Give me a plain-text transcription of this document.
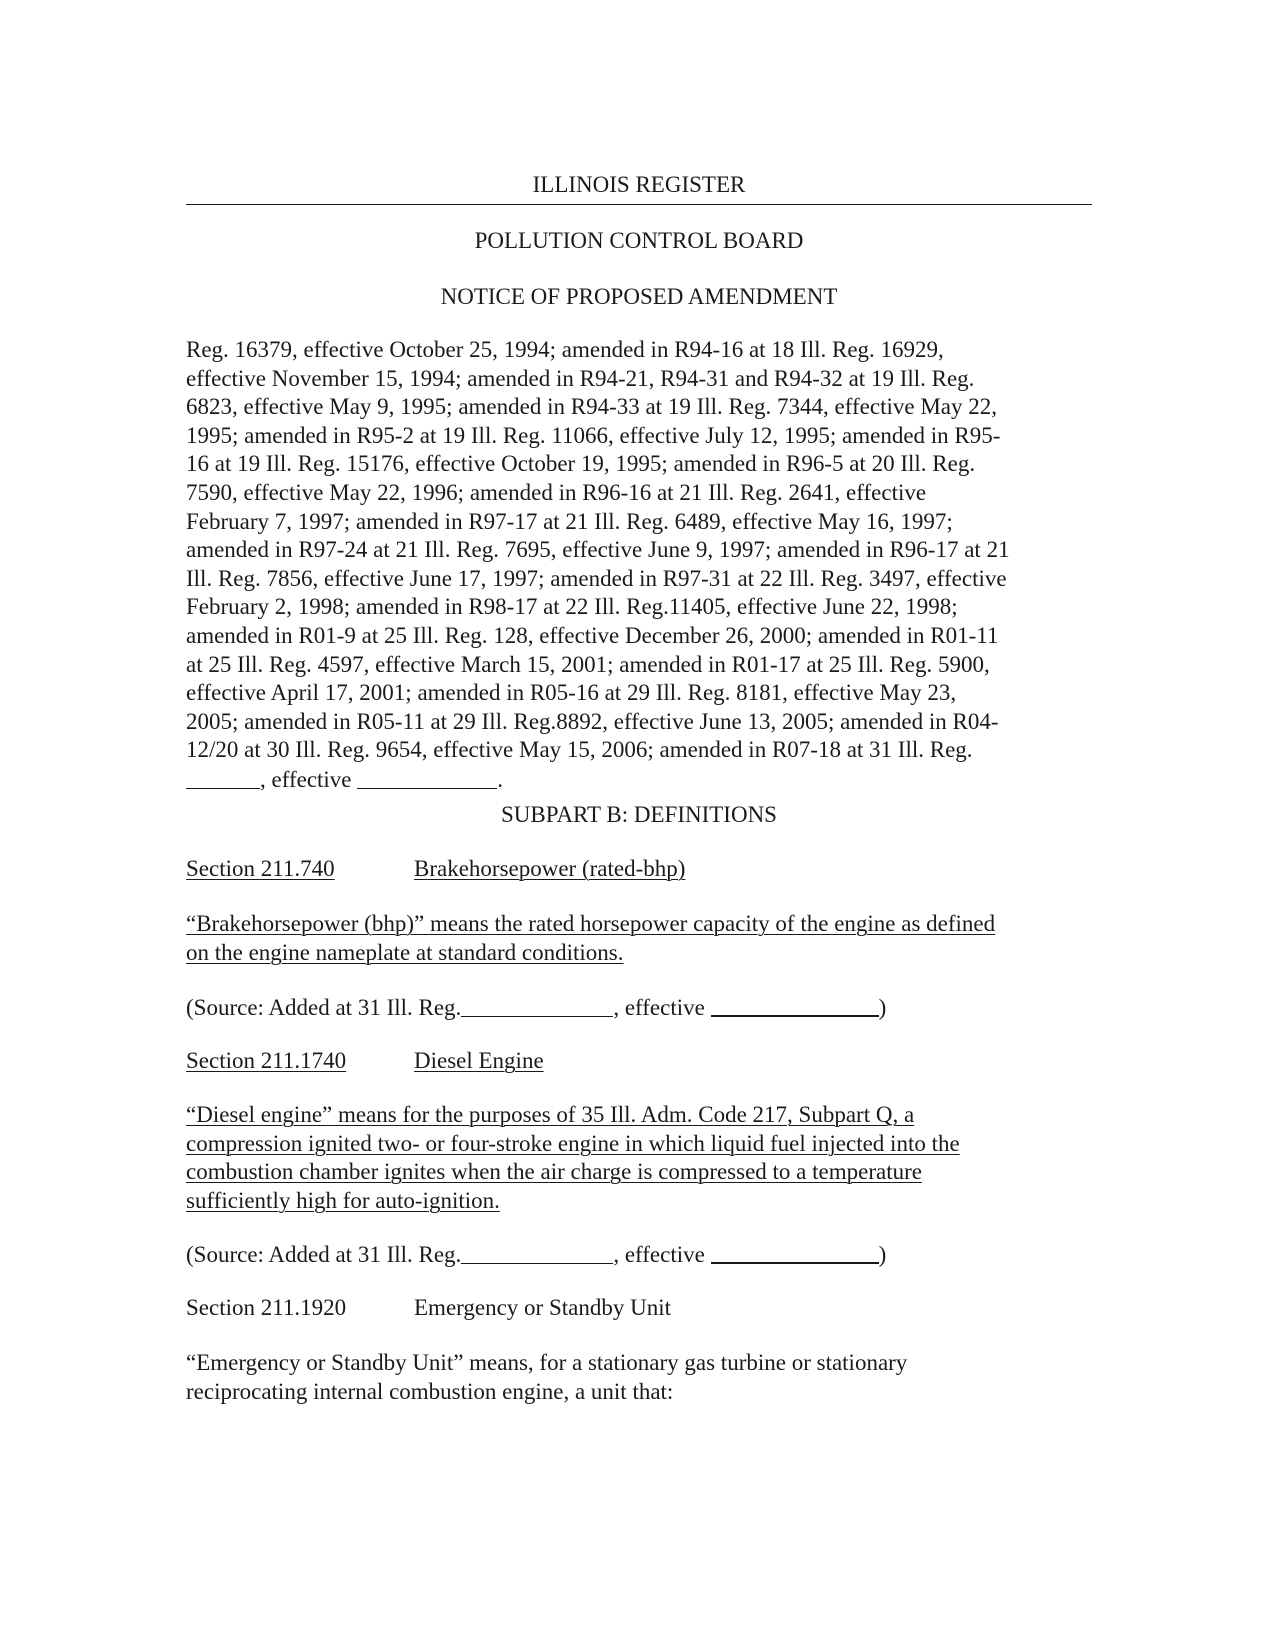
ILLINOIS REGISTER
POLLUTION CONTROL BOARD
NOTICE OF PROPOSED AMENDMENT
Reg. 16379, effective October 25, 1994; amended in R94-16 at 18 Ill. Reg. 16929,
effective November 15, 1994; amended in R94-21, R94-31 and R94-32 at 19 Ill. Reg.
6823, effective May 9, 1995; amended in R94-33 at 19 Ill. Reg. 7344, effective May 22,
1995; amended in R95-2 at 19 Ill. Reg. 11066, effective July 12, 1995; amended in R95-
16 at 19 Ill. Reg. 15176, effective October 19, 1995; amended in R96-5 at 20 Ill. Reg.
7590, effective May 22, 1996; amended in R96-16 at 21 Ill. Reg. 2641, effective
February 7, 1997; amended in R97-17 at 21 Ill. Reg. 6489, effective May 16, 1997;
amended in R97-24 at 21 Ill. Reg. 7695, effective June 9, 1997; amended in R96-17 at 21
Ill. Reg. 7856, effective June 17, 1997; amended in R97-31 at 22 Ill. Reg. 3497, effective
February 2, 1998; amended in R98-17 at 22 Ill. Reg.11405, effective June 22, 1998;
amended in R01-9 at 25 Ill. Reg. 128, effective December 26, 2000; amended in R01-11
at 25 Ill. Reg. 4597, effective March 15, 2001; amended in R01-17 at 25 Ill. Reg. 5900,
effective April 17, 2001; amended in R05-16 at 29 Ill. Reg. 8181, effective May 23,
2005; amended in R05-11 at 29 Ill. Reg.8892, effective June 13, 2005; amended in R04-
12/20 at 30 Ill. Reg. 9654, effective May 15, 2006; amended in R07-18 at 31 Ill. Reg.
, effective	.
SUBPART B: DEFINITIONS
Section 211.740	Brakehorsepower (rated-bhp)
“Brakehorsepower (bhp)” means the rated horsepower capacity of the engine as defined
on the engine nameplate at standard conditions.
(Source: Added at 31 Ill. Reg.	, effective	)
Section 211.1740	Diesel Engine
“Diesel engine” means for the purposes of 35 Ill. Adm. Code 217, Subpart Q, a
compression ignited two- or four-stroke engine in which liquid fuel injected into the
combustion chamber ignites when the air charge is compressed to a temperature
sufficiently high for auto-ignition.
(Source: Added at 31 Ill. Reg.	, effective	)
Section 211.1920	Emergency or Standby Unit
“Emergency or Standby Unit” means, for a stationary gas turbine or stationary
reciprocating internal combustion engine, a unit that:
